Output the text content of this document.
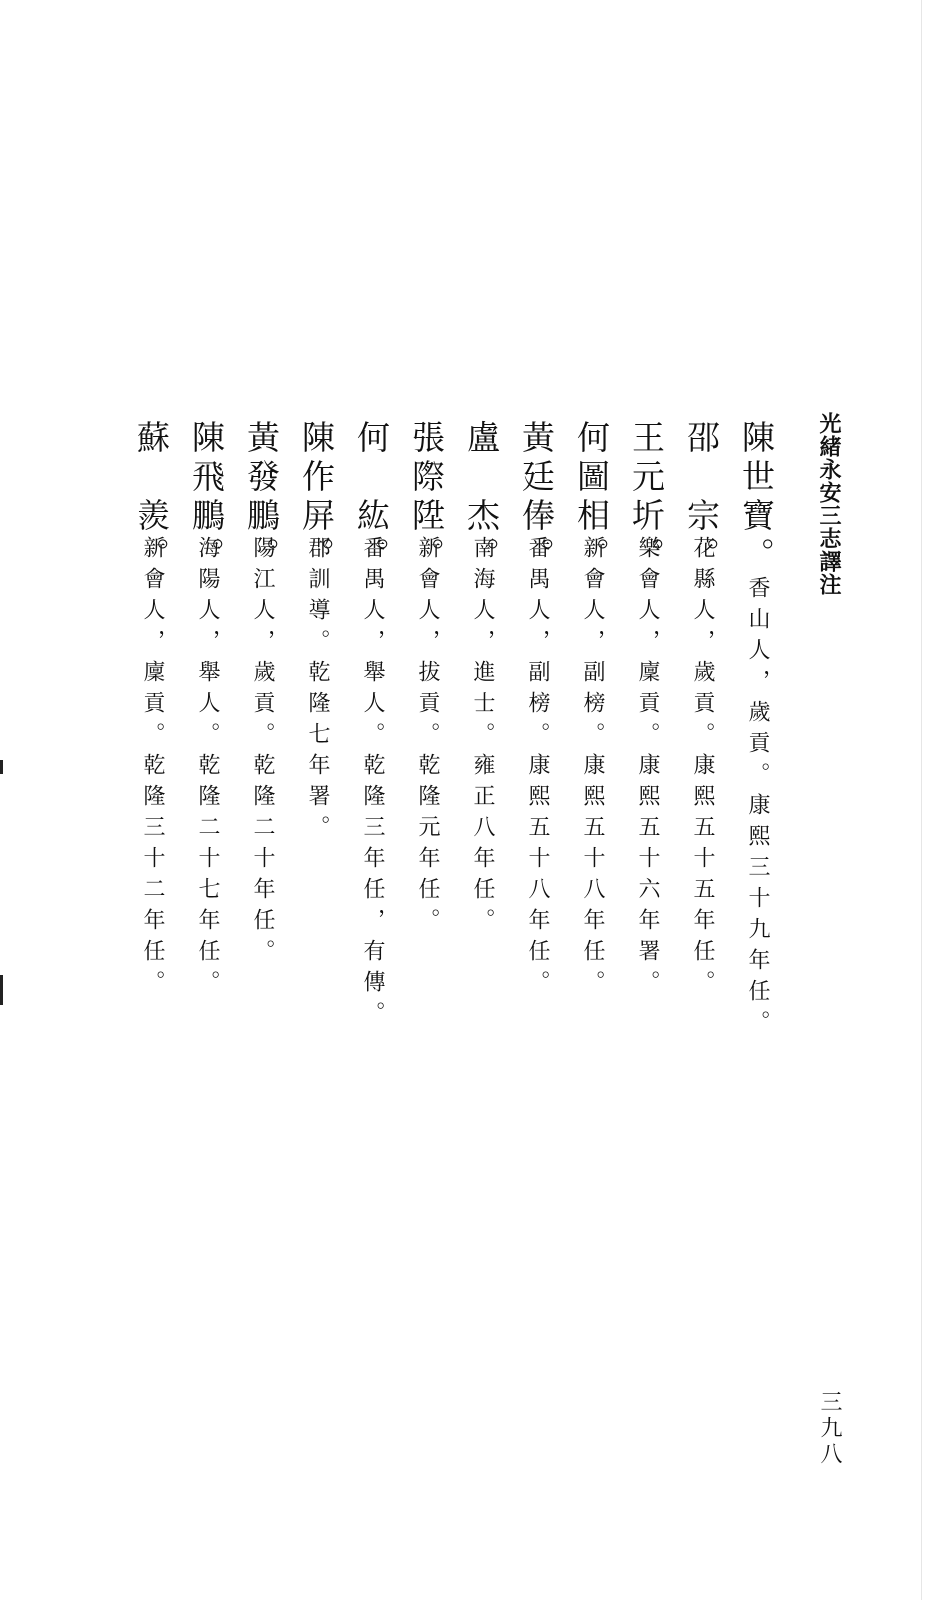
光緒永安三志譯注
三九八
陳世寶。
香山人，歲貢。康熙三十九年任。
邵　宗。
花縣人，歲貢。康熙五十五年任。
王元圻。
樂會人，廩貢。康熙五十六年署。
何圖相。
新會人，副榜。康熙五十八年任。
黃廷俸。
番禺人，副榜。康熙五十八年任。
盧　杰。
南海人，進士。雍正八年任。
張際陞。
新會人，拔貢。乾隆元年任。
何　紘。
番禺人，舉人。乾隆三年任，有傳。
陳作屏。
郡訓導。乾隆七年署。
黃發鵬。
陽江人，歲貢。乾隆二十年任。
陳飛鵬。
海陽人，舉人。乾隆二十七年任。
蘇　羨。
新會人，廩貢。乾隆三十二年任。
